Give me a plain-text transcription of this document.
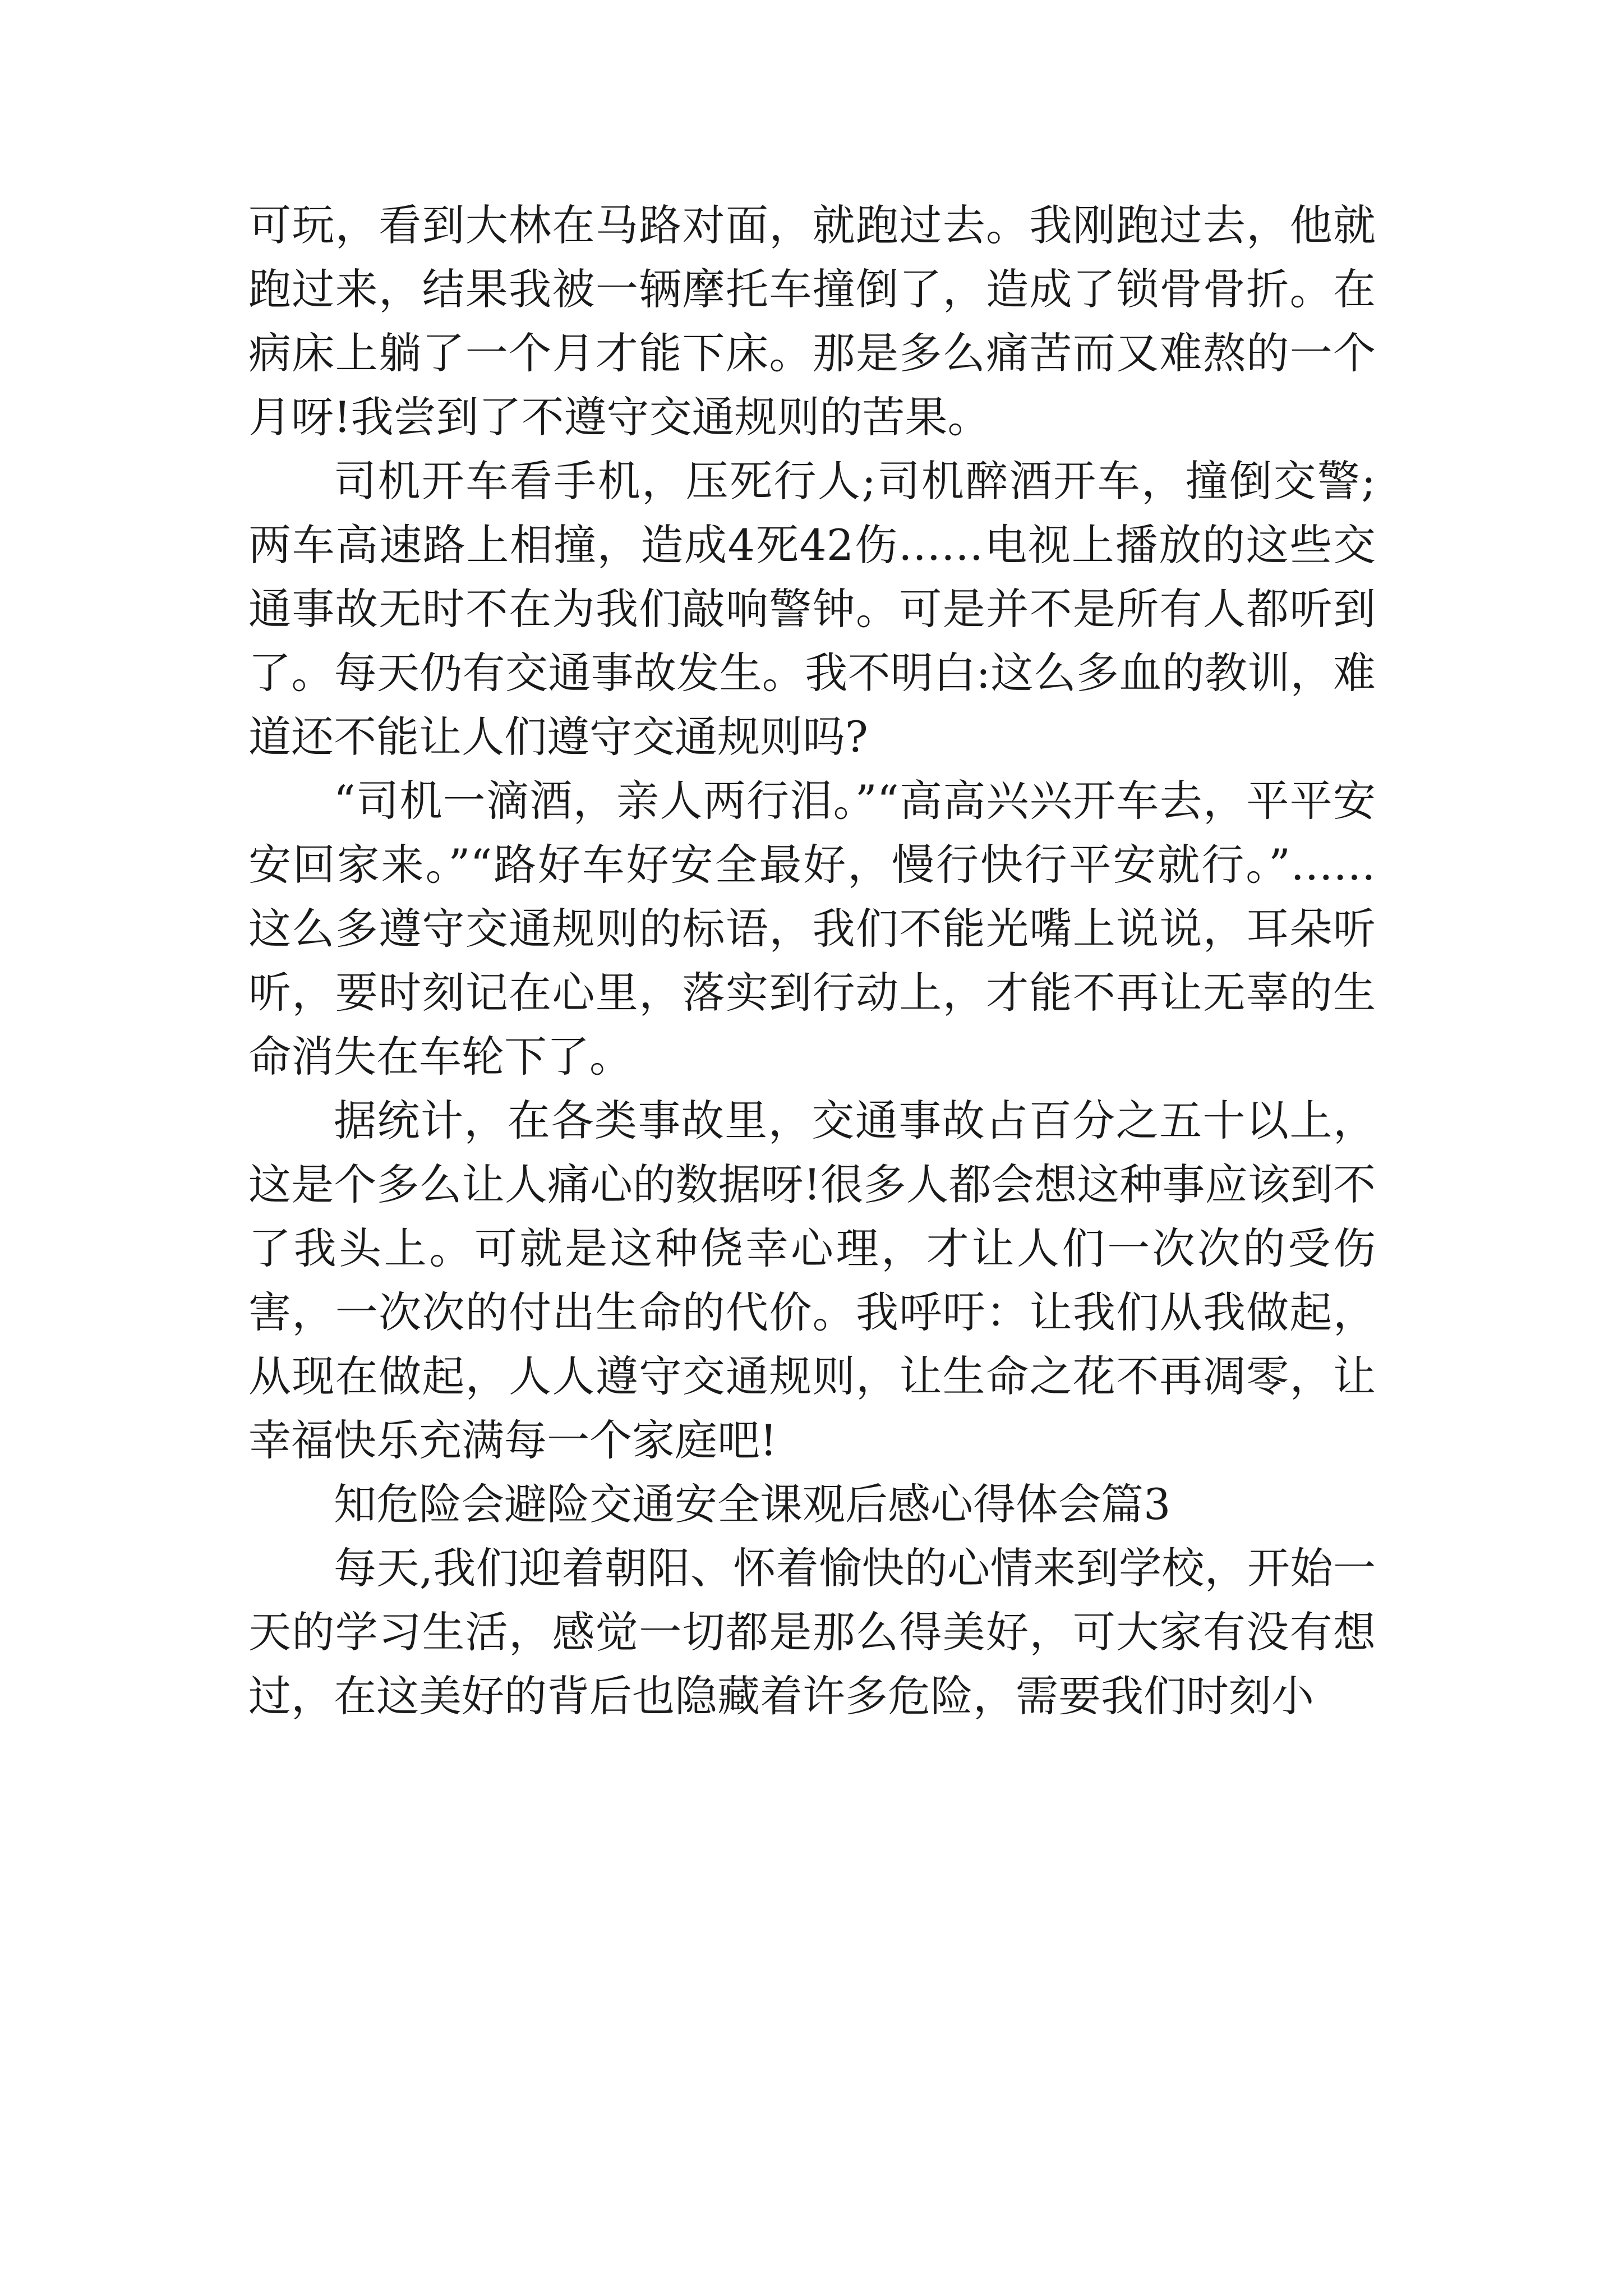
可玩，看到大林在马路对面，就跑过去。我刚跑过去，他就跑过来，结果我被一辆摩托车撞倒了，造成了锁骨骨折。在病床上躺了一个月才能下床。那是多么痛苦而又难熬的一个月呀!我尝到了不遵守交通规则的苦果。

司机开车看手机，压死行人;司机醉酒开车，撞倒交警;两车高速路上相撞，造成4死42伤……电视上播放的这些交通事故无时不在为我们敲响警钟。可是并不是所有人都听到了。每天仍有交通事故发生。我不明白:这么多血的教训，难道还不能让人们遵守交通规则吗?

“司机一滴酒，亲人两行泪。”“高高兴兴开车去，平平安安回家来。”“路好车好安全最好，慢行快行平安就行。”……这么多遵守交通规则的标语，我们不能光嘴上说说，耳朵听听，要时刻记在心里，落实到行动上，才能不再让无辜的生命消失在车轮下了。

据统计，在各类事故里，交通事故占百分之五十以上，这是个多么让人痛心的数据呀!很多人都会想这种事应该到不了我头上。可就是这种侥幸心理，才让人们一次次的受伤害，一次次的付出生命的代价。我呼吁：让我们从我做起，从现在做起，人人遵守交通规则，让生命之花不再凋零，让幸福快乐充满每一个家庭吧!

知危险会避险交通安全课观后感心得体会篇3

每天,我们迎着朝阳、怀着愉快的心情来到学校，开始一天的学习生活，感觉一切都是那么得美好，可大家有没有想过，在这美好的背后也隐藏着许多危险，需要我们时刻小
